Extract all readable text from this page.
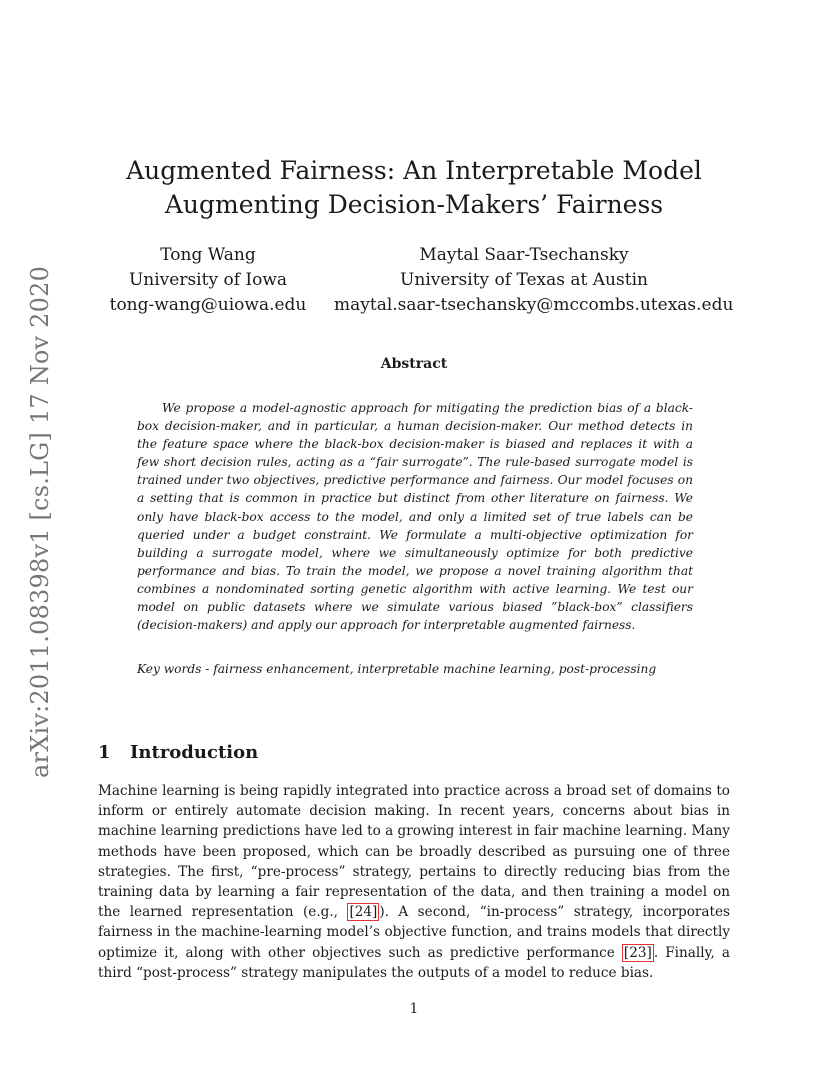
arXiv:2011.08398v1 [cs.LG] 17 Nov 2020
Augmented Fairness: An Interpretable Model
Augmenting Decision-Makers’ Fairness
Tong Wang
University of Iowa
tong-wang@uiowa.edu
Maytal Saar-Tsechansky
University of Texas at Austin
maytal.saar-tsechansky@mccombs.utexas.edu
Abstract
We propose a model-agnostic approach for mitigating the prediction bias of a black-box decision-maker, and in particular, a human decision-maker. Our method detects in the feature space where the black-box decision-maker is biased and replaces it with a few short decision rules, acting as a “fair surrogate”. The rule-based surrogate model is trained under two objectives, predictive performance and fairness. Our model focuses on a setting that is common in practice but distinct from other literature on fairness. We only have black-box access to the model, and only a limited set of true labels can be queried under a budget constraint. We formulate a multi-objective optimization for building a surrogate model, where we simultaneously optimize for both predictive performance and bias. To train the model, we propose a novel training algorithm that combines a nondominated sorting genetic algorithm with active learning. We test our model on public datasets where we simulate various biased ”black-box” classifiers (decision-makers) and apply our approach for interpretable augmented fairness.
Key words - fairness enhancement, interpretable machine learning, post-processing
1 Introduction

Machine learning is being rapidly integrated into practice across a broad set of domains to inform or entirely automate decision making. In recent years, concerns about bias in machine learning predictions have led to a growing interest in fair machine learning. Many methods have been proposed, which can be broadly described as pursuing one of three strategies. The first, “pre-process” strategy, pertains to directly reducing bias from the training data by learning a fair representation of the data, and then training a model on the learned representation (e.g., [24] ). A second, “in-process” strategy, incorporates fairness in the machine-learning model’s objective function, and trains models that directly optimize it, along with other objectives such as predictive performance [23] . Finally, a third “post-process” strategy manipulates the outputs of a model to reduce bias.

1
